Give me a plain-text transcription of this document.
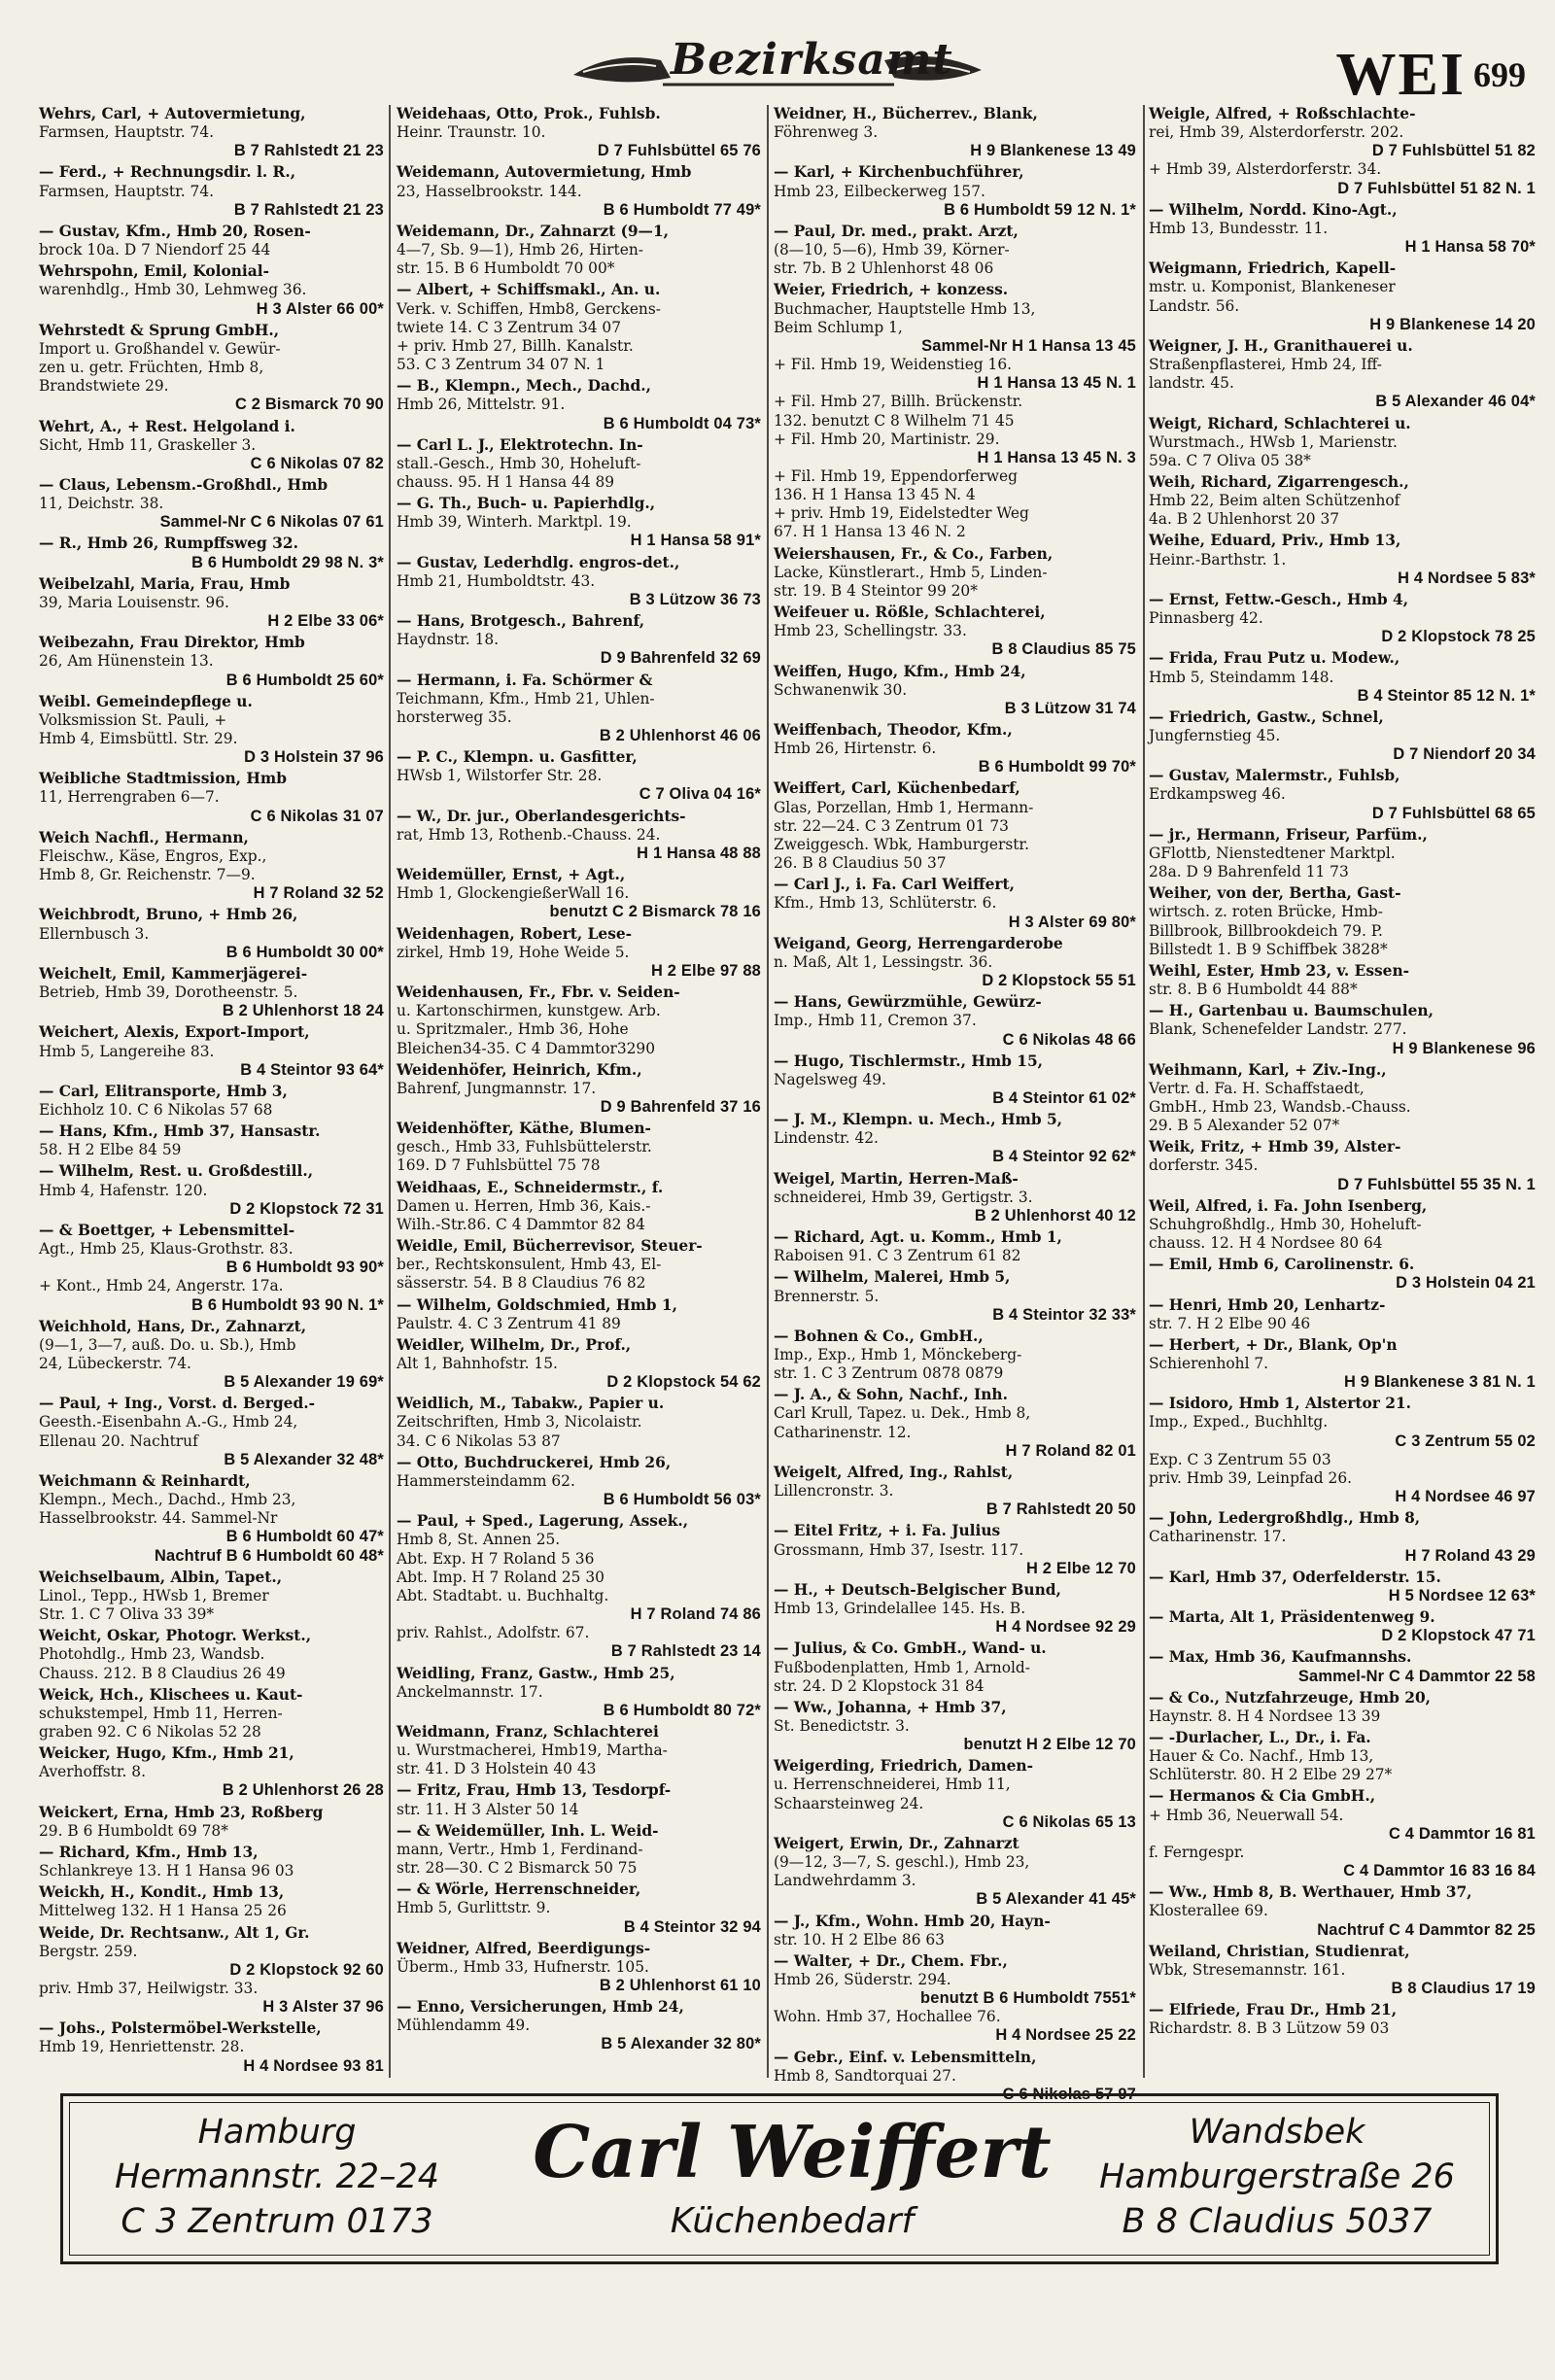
Bezirksamt	WEI 699
Wehrs, Carl, + Autovermietung,
Farmsen, Hauptstr. 74.
B 7 Rahlstedt 21 23
— Ferd., + Rechnungsdir. l. R.,
Farmsen, Hauptstr. 74.
B 7 Rahlstedt 21 23
— Gustav, Kfm., Hmb 20, Rosen-
brock 10a. D 7 Niendorf 25 44
Wehrspohn, Emil, Kolonial-
warenhdlg., Hmb 30, Lehmweg 36.
H 3 Alster 66 00*
Wehrstedt & Sprung GmbH.,
Import u. Großhandel v. Gewür-
zen u. getr. Früchten, Hmb 8,
Brandstwiete 29.
C 2 Bismarck 70 90
Wehrt, A., + Rest. Helgoland i.
Sicht, Hmb 11, Graskeller 3.
C 6 Nikolas 07 82
— Claus, Lebensm.-Großhdl., Hmb
11, Deichstr. 38.
Sammel-Nr C 6 Nikolas 07 61
— R., Hmb 26, Rumpffsweg 32.
B 6 Humboldt 29 98 N. 3*
Weibelzahl, Maria, Frau, Hmb
39, Maria Louisenstr. 96.
H 2 Elbe 33 06*
Weibezahn, Frau Direktor, Hmb
26, Am Hünenstein 13.
B 6 Humboldt 25 60*
Weibl. Gemeindepflege u.
Volksmission St. Pauli, +
Hmb 4, Eimsbüttl. Str. 29.
D 3 Holstein 37 96
Weibliche Stadtmission, Hmb
11, Herrengraben 6—7.
C 6 Nikolas 31 07
Weich Nachfl., Hermann,
Fleischw., Käse, Engros, Exp.,
Hmb 8, Gr. Reichenstr. 7—9.
H 7 Roland 32 52
Weichbrodt, Bruno, + Hmb 26,
Ellernbusch 3.
B 6 Humboldt 30 00*
Weichelt, Emil, Kammerjägerei-
Betrieb, Hmb 39, Dorotheenstr. 5.
B 2 Uhlenhorst 18 24
Weichert, Alexis, Export-Import,
Hmb 5, Langereihe 83.
B 4 Steintor 93 64*
— Carl, Elitransporte, Hmb 3,
Eichholz 10. C 6 Nikolas 57 68
— Hans, Kfm., Hmb 37, Hansastr.
58. H 2 Elbe 84 59
— Wilhelm, Rest. u. Großdestill.,
Hmb 4, Hafenstr. 120.
D 2 Klopstock 72 31
— & Boettger, + Lebensmittel-
Agt., Hmb 25, Klaus-Grothstr. 83.
B 6 Humboldt 93 90*
+ Kont., Hmb 24, Angerstr. 17a.
B 6 Humboldt 93 90 N. 1*
Weichhold, Hans, Dr., Zahnarzt,
(9—1, 3—7, auß. Do. u. Sb.), Hmb
24, Lübeckerstr. 74.
B 5 Alexander 19 69*
— Paul, + Ing., Vorst. d. Berged.-
Geesth.-Eisenbahn A.-G., Hmb 24,
Ellenau 20. Nachtruf
B 5 Alexander 32 48*
Weichmann & Reinhardt,
Klempn., Mech., Dachd., Hmb 23,
Hasselbrookstr. 44. Sammel-Nr
B 6 Humboldt 60 47*
Nachtruf B 6 Humboldt 60 48*
Weichselbaum, Albin, Tapet.,
Linol., Tepp., HWsb 1, Bremer
Str. 1. C 7 Oliva 33 39*
Weicht, Oskar, Photogr. Werkst.,
Photohdlg., Hmb 23, Wandsb.
Chauss. 212. B 8 Claudius 26 49
Weick, Hch., Klischees u. Kaut-
schukstempel, Hmb 11, Herren-
graben 92. C 6 Nikolas 52 28
Weicker, Hugo, Kfm., Hmb 21,
Averhoffstr. 8.
B 2 Uhlenhorst 26 28
Weickert, Erna, Hmb 23, Roßberg
29. B 6 Humboldt 69 78*
— Richard, Kfm., Hmb 13,
Schlankreye 13. H 1 Hansa 96 03
Weickh, H., Kondit., Hmb 13,
Mittelweg 132. H 1 Hansa 25 26
Weide, Dr. Rechtsanw., Alt 1, Gr.
Bergstr. 259.
D 2 Klopstock 92 60
priv. Hmb 37, Heilwigstr. 33.
H 3 Alster 37 96
— Johs., Polstermöbel-Werkstelle,
Hmb 19, Henriettenstr. 28.
H 4 Nordsee 93 81
Weidehaas, Otto, Prok., Fuhlsb.
Heinr. Traunstr. 10.
D 7 Fuhlsbüttel 65 76
Weidemann, Autovermietung, Hmb
23, Hasselbrookstr. 144.
B 6 Humboldt 77 49*
Weidemann, Dr., Zahnarzt (9—1,
4—7, Sb. 9—1), Hmb 26, Hirten-
str. 15. B 6 Humboldt 70 00*
— Albert, + Schiffsmakl., An. u.
Verk. v. Schiffen, Hmb8, Gerckens-
twiete 14. C 3 Zentrum 34 07
+ priv. Hmb 27, Billh. Kanalstr.
53. C 3 Zentrum 34 07 N. 1
— B., Klempn., Mech., Dachd.,
Hmb 26, Mittelstr. 91.
B 6 Humboldt 04 73*
— Carl L. J., Elektrotechn. In-
stall.-Gesch., Hmb 30, Hoheluft-
chauss. 95. H 1 Hansa 44 89
— G. Th., Buch- u. Papierhdlg.,
Hmb 39, Winterh. Marktpl. 19.
H 1 Hansa 58 91*
— Gustav, Lederhdlg. engros-det.,
Hmb 21, Humboldtstr. 43.
B 3 Lützow 36 73
— Hans, Brotgesch., Bahrenf,
Haydnstr. 18.
D 9 Bahrenfeld 32 69
— Hermann, i. Fa. Schörmer &
Teichmann, Kfm., Hmb 21, Uhlen-
horsterweg 35.
B 2 Uhlenhorst 46 06
— P. C., Klempn. u. Gasfitter,
HWsb 1, Wilstorfer Str. 28.
C 7 Oliva 04 16*
— W., Dr. jur., Oberlandesgerichts-
rat, Hmb 13, Rothenb.-Chauss. 24.
H 1 Hansa 48 88
Weidemüller, Ernst, + Agt.,
Hmb 1, GlockengießerWall 16.
benutzt C 2 Bismarck 78 16
Weidenhagen, Robert, Lese-
zirkel, Hmb 19, Hohe Weide 5.
H 2 Elbe 97 88
Weidenhausen, Fr., Fbr. v. Seiden-
u. Kartonschirmen, kunstgew. Arb.
u. Spritzmaler., Hmb 36, Hohe
Bleichen34-35. C 4 Dammtor3290
Weidenhöfer, Heinrich, Kfm.,
Bahrenf, Jungmannstr. 17.
D 9 Bahrenfeld 37 16
Weidenhöfter, Käthe, Blumen-
gesch., Hmb 33, Fuhlsbüttelerstr.
169. D 7 Fuhlsbüttel 75 78
Weidhaas, E., Schneidermstr., f.
Damen u. Herren, Hmb 36, Kais.-
Wilh.-Str.86. C 4 Dammtor 82 84
Weidle, Emil, Bücherrevisor, Steuer-
ber., Rechtskonsulent, Hmb 43, El-
sässerstr. 54. B 8 Claudius 76 82
— Wilhelm, Goldschmied, Hmb 1,
Paulstr. 4. C 3 Zentrum 41 89
Weidler, Wilhelm, Dr., Prof.,
Alt 1, Bahnhofstr. 15.
D 2 Klopstock 54 62
Weidlich, M., Tabakw., Papier u.
Zeitschriften, Hmb 3, Nicolaistr.
34. C 6 Nikolas 53 87
— Otto, Buchdruckerei, Hmb 26,
Hammersteindamm 62.
B 6 Humboldt 56 03*
— Paul, + Sped., Lagerung, Assek.,
Hmb 8, St. Annen 25.
Abt. Exp. H 7 Roland 5 36
Abt. Imp. H 7 Roland 25 30
Abt. Stadtabt. u. Buchhaltg.
H 7 Roland 74 86
priv. Rahlst., Adolfstr. 67.
B 7 Rahlstedt 23 14
Weidling, Franz, Gastw., Hmb 25,
Anckelmannstr. 17.
B 6 Humboldt 80 72*
Weidmann, Franz, Schlachterei
u. Wurstmacherei, Hmb19, Martha-
str. 41. D 3 Holstein 40 43
— Fritz, Frau, Hmb 13, Tesdorpf-
str. 11. H 3 Alster 50 14
— & Weidemüller, Inh. L. Weid-
mann, Vertr., Hmb 1, Ferdinand-
str. 28—30. C 2 Bismarck 50 75
— & Wörle, Herrenschneider,
Hmb 5, Gurlittstr. 9.
B 4 Steintor 32 94
Weidner, Alfred, Beerdigungs-
Überm., Hmb 33, Hufnerstr. 105.
B 2 Uhlenhorst 61 10
— Enno, Versicherungen, Hmb 24,
Mühlendamm 49.
B 5 Alexander 32 80*
Weidner, H., Bücherrev., Blank,
Föhrenweg 3.
H 9 Blankenese 13 49
— Karl, + Kirchenbuchführer,
Hmb 23, Eilbeckerweg 157.
B 6 Humboldt 59 12 N. 1*
— Paul, Dr. med., prakt. Arzt,
(8—10, 5—6), Hmb 39, Körner-
str. 7b. B 2 Uhlenhorst 48 06
Weier, Friedrich, + konzess.
Buchmacher, Hauptstelle Hmb 13,
Beim Schlump 1,
Sammel-Nr H 1 Hansa 13 45
+ Fil. Hmb 19, Weidenstieg 16.
H 1 Hansa 13 45 N. 1
+ Fil. Hmb 27, Billh. Brückenstr.
132. benutzt C 8 Wilhelm 71 45
+ Fil. Hmb 20, Martinistr. 29.
H 1 Hansa 13 45 N. 3
+ Fil. Hmb 19, Eppendorferweg
136. H 1 Hansa 13 45 N. 4
+ priv. Hmb 19, Eidelstedter Weg
67. H 1 Hansa 13 46 N. 2
Weiershausen, Fr., & Co., Farben,
Lacke, Künstlerart., Hmb 5, Linden-
str. 19. B 4 Steintor 99 20*
Weifeuer u. Rößle, Schlachterei,
Hmb 23, Schellingstr. 33.
B 8 Claudius 85 75
Weiffen, Hugo, Kfm., Hmb 24,
Schwanenwik 30.
B 3 Lützow 31 74
Weiffenbach, Theodor, Kfm.,
Hmb 26, Hirtenstr. 6.
B 6 Humboldt 99 70*
Weiffert, Carl, Küchenbedarf,
Glas, Porzellan, Hmb 1, Hermann-
str. 22—24. C 3 Zentrum 01 73
Zweiggesch. Wbk, Hamburgerstr.
26. B 8 Claudius 50 37
— Carl J., i. Fa. Carl Weiffert,
Kfm., Hmb 13, Schlüterstr. 6.
H 3 Alster 69 80*
Weigand, Georg, Herrengarderobe
n. Maß, Alt 1, Lessingstr. 36.
D 2 Klopstock 55 51
— Hans, Gewürzmühle, Gewürz-
Imp., Hmb 11, Cremon 37.
C 6 Nikolas 48 66
— Hugo, Tischlermstr., Hmb 15,
Nagelsweg 49.
B 4 Steintor 61 02*
— J. M., Klempn. u. Mech., Hmb 5,
Lindenstr. 42.
B 4 Steintor 92 62*
Weigel, Martin, Herren-Maß-
schneiderei, Hmb 39, Gertigstr. 3.
B 2 Uhlenhorst 40 12
— Richard, Agt. u. Komm., Hmb 1,
Raboisen 91. C 3 Zentrum 61 82
— Wilhelm, Malerei, Hmb 5,
Brennerstr. 5.
B 4 Steintor 32 33*
— Bohnen & Co., GmbH.,
Imp., Exp., Hmb 1, Mönckeberg-
str. 1. C 3 Zentrum 0878 0879
— J. A., & Sohn, Nachf., Inh.
Carl Krull, Tapez. u. Dek., Hmb 8,
Catharinenstr. 12.
H 7 Roland 82 01
Weigelt, Alfred, Ing., Rahlst,
Lillencronstr. 3.
B 7 Rahlstedt 20 50
— Eitel Fritz, + i. Fa. Julius
Grossmann, Hmb 37, Isestr. 117.
H 2 Elbe 12 70
— H., + Deutsch-Belgischer Bund,
Hmb 13, Grindelallee 145. Hs. B.
H 4 Nordsee 92 29
— Julius, & Co. GmbH., Wand- u.
Fußbodenplatten, Hmb 1, Arnold-
str. 24. D 2 Klopstock 31 84
— Ww., Johanna, + Hmb 37,
St. Benedictstr. 3.
benutzt H 2 Elbe 12 70
Weigerding, Friedrich, Damen-
u. Herrenschneiderei, Hmb 11,
Schaarsteinweg 24.
C 6 Nikolas 65 13
Weigert, Erwin, Dr., Zahnarzt
(9—12, 3—7, S. geschl.), Hmb 23,
Landwehrdamm 3.
B 5 Alexander 41 45*
— J., Kfm., Wohn. Hmb 20, Hayn-
str. 10. H 2 Elbe 86 63
— Walter, + Dr., Chem. Fbr.,
Hmb 26, Süderstr. 294.
benutzt B 6 Humboldt 7551*
Wohn. Hmb 37, Hochallee 76.
H 4 Nordsee 25 22
— Gebr., Einf. v. Lebensmitteln,
Hmb 8, Sandtorquai 27.
C 6 Nikolas 57 97
Weigle, Alfred, + Roßschlachte-
rei, Hmb 39, Alsterdorferstr. 202.
D 7 Fuhlsbüttel 51 82
+ Hmb 39, Alsterdorferstr. 34.
D 7 Fuhlsbüttel 51 82 N. 1
— Wilhelm, Nordd. Kino-Agt.,
Hmb 13, Bundesstr. 11.
H 1 Hansa 58 70*
Weigmann, Friedrich, Kapell-
mstr. u. Komponist, Blankeneser
Landstr. 56.
H 9 Blankenese 14 20
Weigner, J. H., Granithauerei u.
Straßenpflasterei, Hmb 24, Iff-
landstr. 45.
B 5 Alexander 46 04*
Weigt, Richard, Schlachterei u.
Wurstmach., HWsb 1, Marienstr.
59a. C 7 Oliva 05 38*
Weih, Richard, Zigarrengesch.,
Hmb 22, Beim alten Schützenhof
4a. B 2 Uhlenhorst 20 37
Weihe, Eduard, Priv., Hmb 13,
Heinr.-Barthstr. 1.
H 4 Nordsee 5 83*
— Ernst, Fettw.-Gesch., Hmb 4,
Pinnasberg 42.
D 2 Klopstock 78 25
— Frida, Frau Putz u. Modew.,
Hmb 5, Steindamm 148.
B 4 Steintor 85 12 N. 1*
— Friedrich, Gastw., Schnel,
Jungfernstieg 45.
D 7 Niendorf 20 34
— Gustav, Malermstr., Fuhlsb,
Erdkampsweg 46.
D 7 Fuhlsbüttel 68 65
— jr., Hermann, Friseur, Parfüm.,
GFlottb, Nienstedtener Marktpl.
28a. D 9 Bahrenfeld 11 73
Weiher, von der, Bertha, Gast-
wirtsch. z. roten Brücke, Hmb-
Billbrook, Billbrookdeich 79. P.
Billstedt 1. B 9 Schiffbek 3828*
Weihl, Ester, Hmb 23, v. Essen-
str. 8. B 6 Humboldt 44 88*
— H., Gartenbau u. Baumschulen,
Blank, Schenefelder Landstr. 277.
H 9 Blankenese 96
Weihmann, Karl, + Ziv.-Ing.,
Vertr. d. Fa. H. Schaffstaedt,
GmbH., Hmb 23, Wandsb.-Chauss.
29. B 5 Alexander 52 07*
Weik, Fritz, + Hmb 39, Alster-
dorferstr. 345.
D 7 Fuhlsbüttel 55 35 N. 1
Weil, Alfred, i. Fa. John Isenberg,
Schuhgroßhdlg., Hmb 30, Hoheluft-
chauss. 12. H 4 Nordsee 80 64
— Emil, Hmb 6, Carolinenstr. 6.
D 3 Holstein 04 21
— Henri, Hmb 20, Lenhartz-
str. 7. H 2 Elbe 90 46
— Herbert, + Dr., Blank, Op'n
Schierenhohl 7.
H 9 Blankenese 3 81 N. 1
— Isidoro, Hmb 1, Alstertor 21.
Imp., Exped., Buchhltg.
C 3 Zentrum 55 02
Exp. C 3 Zentrum 55 03
priv. Hmb 39, Leinpfad 26.
H 4 Nordsee 46 97
— John, Ledergroßhdlg., Hmb 8,
Catharinenstr. 17.
H 7 Roland 43 29
— Karl, Hmb 37, Oderfelderstr. 15.
H 5 Nordsee 12 63*
— Marta, Alt 1, Präsidentenweg 9.
D 2 Klopstock 47 71
— Max, Hmb 36, Kaufmannshs.
Sammel-Nr C 4 Dammtor 22 58
— & Co., Nutzfahrzeuge, Hmb 20,
Haynstr. 8. H 4 Nordsee 13 39
— -Durlacher, L., Dr., i. Fa.
Hauer & Co. Nachf., Hmb 13,
Schlüterstr. 80. H 2 Elbe 29 27*
— Hermanos & Cia GmbH.,
+ Hmb 36, Neuerwall 54.
C 4 Dammtor 16 81
f. Ferngespr.
C 4 Dammtor 16 83 16 84
— Ww., Hmb 8, B. Werthauer, Hmb 37,
Klosterallee 69.
Nachtruf C 4 Dammtor 82 25
Weiland, Christian, Studienrat,
Wbk, Stresemannstr. 161.
B 8 Claudius 17 19
— Elfriede, Frau Dr., Hmb 21,
Richardstr. 8. B 3 Lützow 59 03
Hamburg
Hermannstr. 22–24
C 3 Zentrum 0173
Carl Weiffert
Küchenbedarf
Wandsbek
Hamburgerstraße 26
B 8 Claudius 5037
